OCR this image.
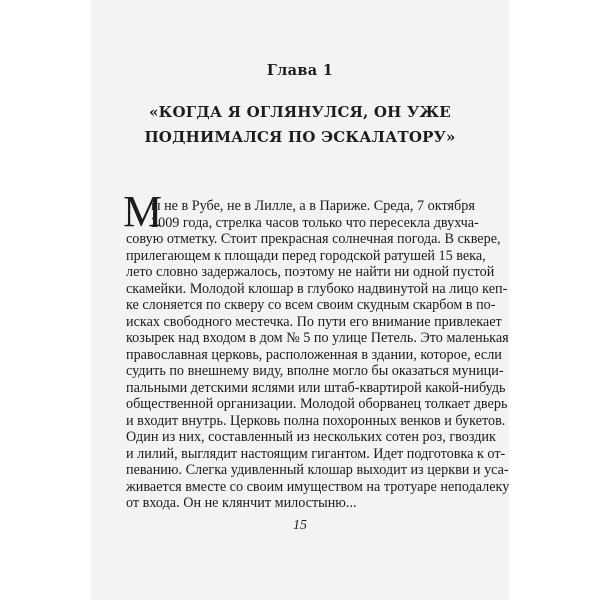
Глава 1
«КОГДА Я ОГЛЯНУЛСЯ, ОН УЖЕ
ПОДНИМАЛСЯ ПО ЭСКАЛАТОРУ»
М
ы не в Рубе, не в Лилле, а в Париже. Среда, 7 октября
2009 года, стрелка часов только что пересекла двухча-
совую отметку. Стоит прекрасная солнечная погода. В сквере,
прилегающем к площади перед городской ратушей 15 века,
лето словно задержалось, поэтому не найти ни одной пустой
скамейки. Молодой клошар в глубоко надвинутой на лицо кеп-
ке слоняется по скверу со всем своим скудным скарбом в по-
исках свободного местечка. По пути его внимание привлекает
козырек над входом в дом № 5 по улице Петель. Это маленькая
православная церковь, расположенная в здании, которое, если
судить по внешнему виду, вполне могло бы оказаться муници-
пальными детскими яслями или штаб-квартирой какой-нибудь
общественной организации. Молодой оборванец толкает дверь
и входит внутрь. Церковь полна похоронных венков и букетов.
Один из них, составленный из нескольких сотен роз, гвоздик
и лилий, выглядит настоящим гигантом. Идет подготовка к от-
певанию. Слегка удивленный клошар выходит из церкви и уса-
живается вместе со своим имуществом на тротуаре неподалеку
от входа. Он не клянчит милостыню...
15
